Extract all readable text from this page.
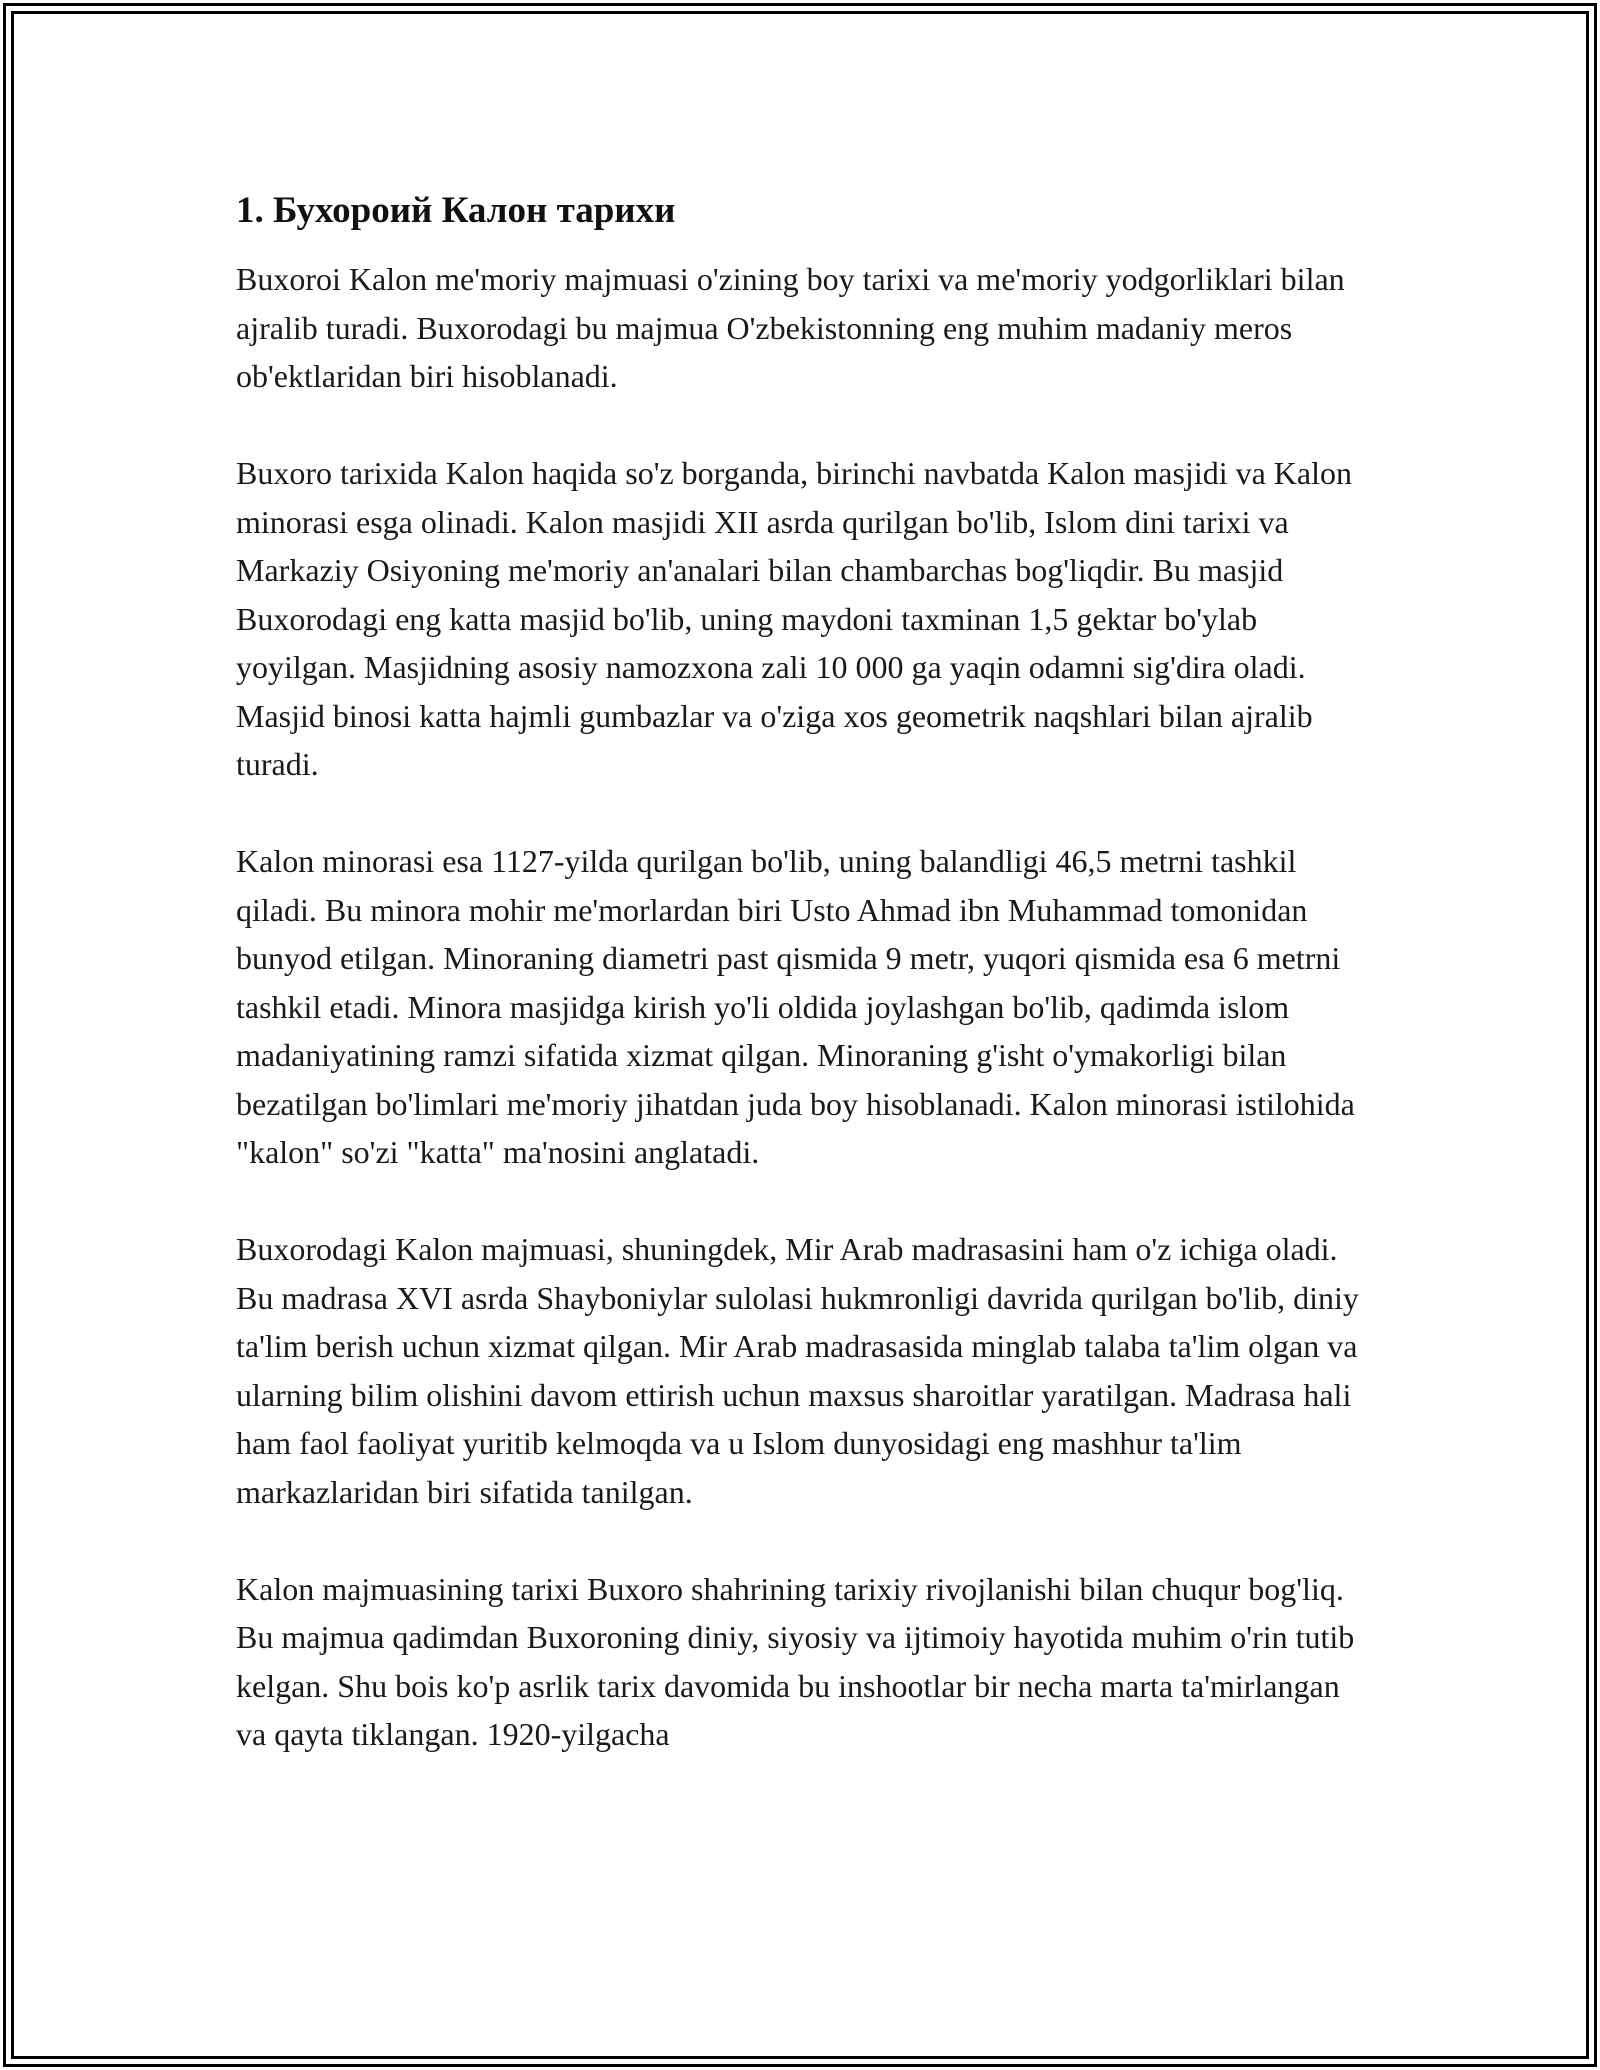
1. Бухороий Калон тарихи

Buxoroi Kalon me'moriy majmuasi o'zining boy tarixi va me'moriy yodgorliklari bilan ajralib turadi. Buxorodagi bu majmua O'zbekistonning eng muhim madaniy meros ob'ektlaridan biri hisoblanadi.

Buxoro tarixida Kalon haqida so'z borganda, birinchi navbatda Kalon masjidi va Kalon minorasi esga olinadi. Kalon masjidi XII asrda qurilgan bo'lib, Islom dini tarixi va Markaziy Osiyoning me'moriy an'analari bilan chambarchas bog'liqdir. Bu masjid Buxorodagi eng katta masjid bo'lib, uning maydoni taxminan 1,5 gektar bo'ylab yoyilgan. Masjidning asosiy namozxona zali 10 000 ga yaqin odamni sig'dira oladi. Masjid binosi katta hajmli gumbazlar va o'ziga xos geometrik naqshlari bilan ajralib turadi.

Kalon minorasi esa 1127-yilda qurilgan bo'lib, uning balandligi 46,5 metrni tashkil qiladi. Bu minora mohir me'morlardan biri Usto Ahmad ibn Muhammad tomonidan bunyod etilgan. Minoraning diametri past qismida 9 metr, yuqori qismida esa 6 metrni tashkil etadi. Minora masjidga kirish yo'li oldida joylashgan bo'lib, qadimda islom madaniyatining ramzi sifatida xizmat qilgan. Minoraning g'isht o'ymakorligi bilan bezatilgan bo'limlari me'moriy jihatdan juda boy hisoblanadi. Kalon minorasi istilohida "kalon" so'zi "katta" ma'nosini anglatadi.

Buxorodagi Kalon majmuasi, shuningdek, Mir Arab madrasasini ham o'z ichiga oladi. Bu madrasa XVI asrda Shayboniylar sulolasi hukmronligi davrida qurilgan bo'lib, diniy ta'lim berish uchun xizmat qilgan. Mir Arab madrasasida minglab talaba ta'lim olgan va ularning bilim olishini davom ettirish uchun maxsus sharoitlar yaratilgan. Madrasa hali ham faol faoliyat yuritib kelmoqda va u Islom dunyosidagi eng mashhur ta'lim markazlaridan biri sifatida tanilgan.

Kalon majmuasining tarixi Buxoro shahrining tarixiy rivojlanishi bilan chuqur bog'liq. Bu majmua qadimdan Buxoroning diniy, siyosiy va ijtimoiy hayotida muhim o'rin tutib kelgan. Shu bois ko'p asrlik tarix davomida bu inshootlar bir necha marta ta'mirlangan va qayta tiklangan. 1920-yilgacha
